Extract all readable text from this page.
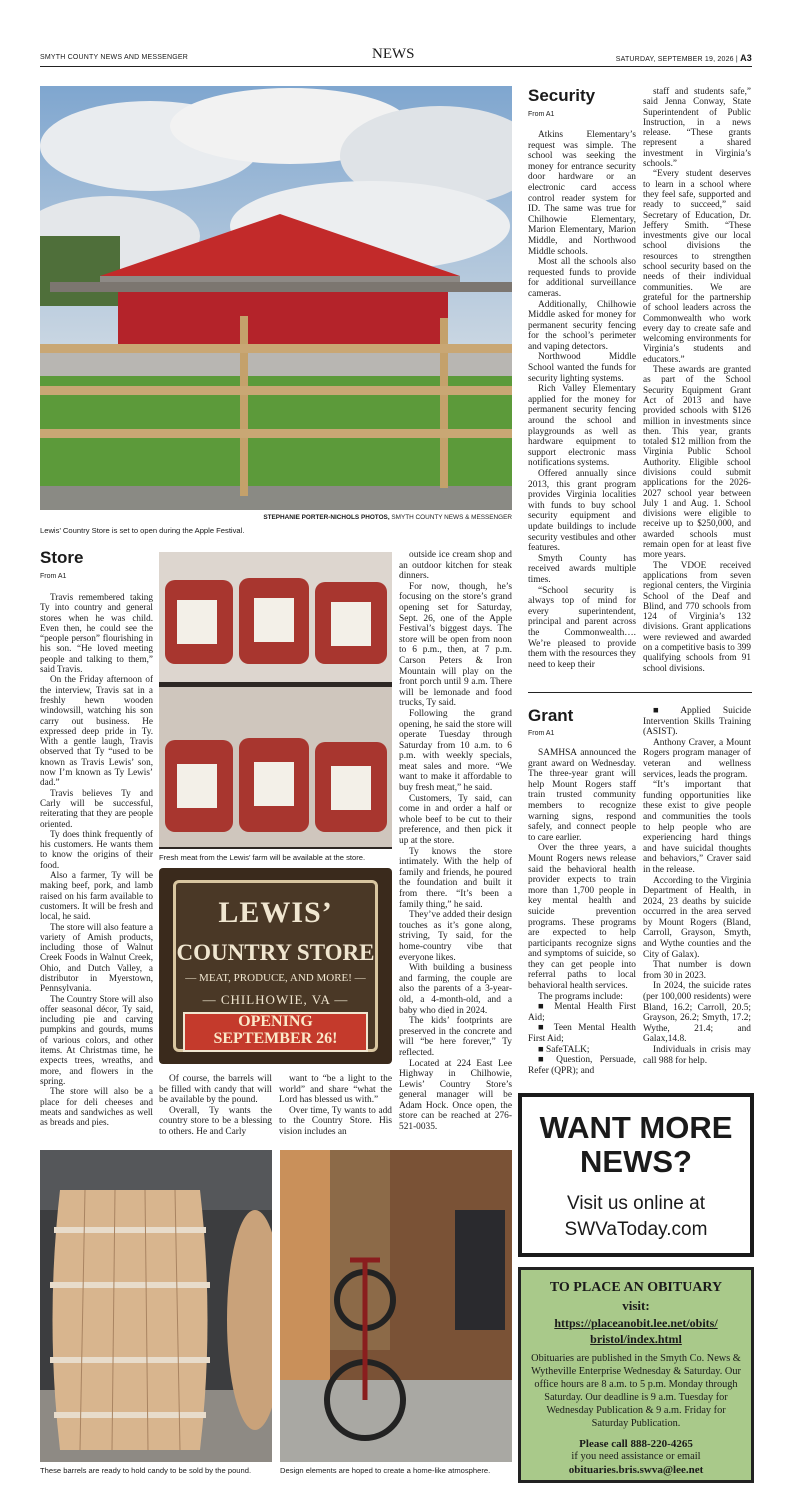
SMYTH COUNTY NEWS AND MESSENGER	NEWS	SATURDAY, SEPTEMBER 19, 2026 | A3
STEPHANIE PORTER-NICHOLS PHOTOS, SMYTH COUNTY NEWS & MESSENGER
Lewis’ Country Store is set to open during the Apple Festival.
Store
From A1

Travis remembered taking Ty into country and general stores when he was child. Even then, he could see the “people person” flourishing in his son. “He loved meeting people and talking to them,” said Travis.

On the Friday afternoon of the interview, Travis sat in a freshly hewn wooden windowsill, watching his son carry out business. He expressed deep pride in Ty. With a gentle laugh, Travis observed that Ty “used to be known as Travis Lewis’ son, now I’m known as Ty Lewis’ dad.”

Travis believes Ty and Carly will be successful, reiterating that they are people oriented.

Ty does think frequently of his customers. He wants them to know the origins of their food.

Also a farmer, Ty will be making beef, pork, and lamb raised on his farm available to customers. It will be fresh and local, he said.

The store will also feature a variety of Amish products, including those of Walnut Creek Foods in Walnut Creek, Ohio, and Dutch Valley, a distributor in Myerstown, Pennsylvania.

The Country Store will also offer seasonal décor, Ty said, including pie and carving pumpkins and gourds, mums of various colors, and other items. At Christmas time, he expects trees, wreaths, and more, and flowers in the spring.

The store will also be a place for deli cheeses and meats and sandwiches as well as breads and pies.

Fresh meat from the Lewis’ farm will be available at the store.
LEWIS’
COUNTRY STORE
— MEAT, PRODUCE, AND MORE! —
— CHILHOWIE, VA —
OPENING
SEPTEMBER 26!

Of course, the barrels will be filled with candy that will be available by the pound.

Overall, Ty wants the country store to be a blessing to others. He and Carly

want to “be a light to the world” and share “what the Lord has blessed us with.”

Over time, Ty wants to add to the Country Store. His vision includes an

outside ice cream shop and an outdoor kitchen for steak dinners.

For now, though, he’s focusing on the store’s grand opening set for Saturday, Sept. 26, one of the Apple Festival’s biggest days. The store will be open from noon to 6 p.m., then, at 7 p.m. Carson Peters & Iron Mountain will play on the front porch until 9 a.m. There will be lemonade and food trucks, Ty said.

Following the grand opening, he said the store will operate Tuesday through Saturday from 10 a.m. to 6 p.m. with weekly specials, meat sales and more. “We want to make it affordable to buy fresh meat,” he said.

Customers, Ty said, can come in and order a half or whole beef to be cut to their preference, and then pick it up at the store.

Ty knows the store intimately. With the help of family and friends, he poured the foundation and built it from there. “It’s been a family thing,” he said.

They’ve added their design touches as it’s gone along, striving, Ty said, for the home-country vibe that everyone likes.

With building a business and farming, the couple are also the parents of a 3-year-old, a 4-month-old, and a baby who died in 2024.

The kids’ footprints are preserved in the concrete and will “be here forever,” Ty reflected.

Located at 224 East Lee Highway in Chilhowie, Lewis’ Country Store’s general manager will be Adam Hock. Once open, the store can be reached at 276-521-0035.

These barrels are ready to hold candy to be sold by the pound.	Design elements are hoped to create a home-like atmosphere.
Security
From A1

Atkins Elementary’s request was simple. The school was seeking the money for entrance security door hardware or an electronic card access control reader system for ID. The same was true for Chilhowie Elementary, Marion Elementary, Marion Middle, and Northwood Middle schools.

Most all the schools also requested funds to provide for additional surveillance cameras.

Additionally, Chilhowie Middle asked for money for permanent security fencing for the school’s perimeter and vaping detectors.

Northwood Middle School wanted the funds for security lighting systems.

Rich Valley Elementary applied for the money for permanent security fencing around the school and playgrounds as well as hardware equipment to support electronic mass notifications systems.

Offered annually since 2013, this grant program provides Virginia localities with funds to buy school security equipment and update buildings to include security vestibules and other features.

Smyth County has received awards multiple times.

“School security is always top of mind for every superintendent, principal and parent across the Commonwealth…. We’re pleased to provide them with the resources they need to keep their

staff and students safe,” said Jenna Conway, State Superintendent of Public Instruction, in a news release. “These grants represent a shared investment in Virginia’s schools.”

“Every student deserves to learn in a school where they feel safe, supported and ready to succeed,” said Secretary of Education, Dr. Jeffery Smith. “These investments give our local school divisions the resources to strengthen school security based on the needs of their individual communities. We are grateful for the partnership of school leaders across the Commonwealth who work every day to create safe and welcoming environments for Virginia’s students and educators.”

These awards are granted as part of the School Security Equipment Grant Act of 2013 and have provided schools with $126 million in investments since then. This year, grants totaled $12 million from the Virginia Public School Authority. Eligible school divisions could submit applications for the 2026-2027 school year between July 1 and Aug. 1. School divisions were eligible to receive up to $250,000, and awarded schools must remain open for at least five more years.

The VDOE received applications from seven regional centers, the Virginia School of the Deaf and Blind, and 770 schools from 124 of Virginia’s 132 divisions. Grant applications were reviewed and awarded on a competitive basis to 399 qualifying schools from 91 school divisions.

Grant
From A1

SAMHSA announced the grant award on Wednesday. The three-year grant will help Mount Rogers staff train trusted community members to recognize warning signs, respond safely, and connect people to care earlier.

Over the three years, a Mount Rogers news release said the behavioral health provider expects to train more than 1,700 people in key mental health and suicide prevention programs. These programs are expected to help participants recognize signs and symptoms of suicide, so they can get people into referral paths to local behavioral health services.

The programs include:

■ Mental Health First Aid;

■ Teen Mental Health First Aid;

■ SafeTALK;

■ Question, Persuade, Refer (QPR); and

■ Applied Suicide Intervention Skills Training (ASIST).

Anthony Craver, a Mount Rogers program manager of veteran and wellness services, leads the program.

“It’s important that funding opportunities like these exist to give people and communities the tools to help people who are experiencing hard things and have suicidal thoughts and behaviors,” Craver said in the release.

According to the Virginia Department of Health, in 2024, 23 deaths by suicide occurred in the area served by Mount Rogers (Bland, Carroll, Grayson, Smyth, and Wythe counties and the City of Galax).

That number is down from 30 in 2023.

In 2024, the suicide rates (per 100,000 residents) were Bland, 16.2; Carroll, 20.5; Grayson, 26.2; Smyth, 17.2; Wythe, 21.4; and Galax,14.8.

Individuals in crisis may call 988 for help.

WANT MORE
NEWS?
Visit us online at
SWVaToday.com
TO PLACE AN OBITUARY
visit:
https://placeanobit.lee.net/obits/
bristol/index.html
Obituaries are published in the Smyth Co. News & Wytheville Enterprise Wednesday & Saturday. Our office hours are 8 a.m. to 5 p.m. Monday through Saturday. Our deadline is 9 a.m. Tuesday for Wednesday Publication & 9 a.m. Friday for Saturday Publication.
Please call 888-220-4265
if you need assistance or email
obituaries.bris.swva@lee.net
